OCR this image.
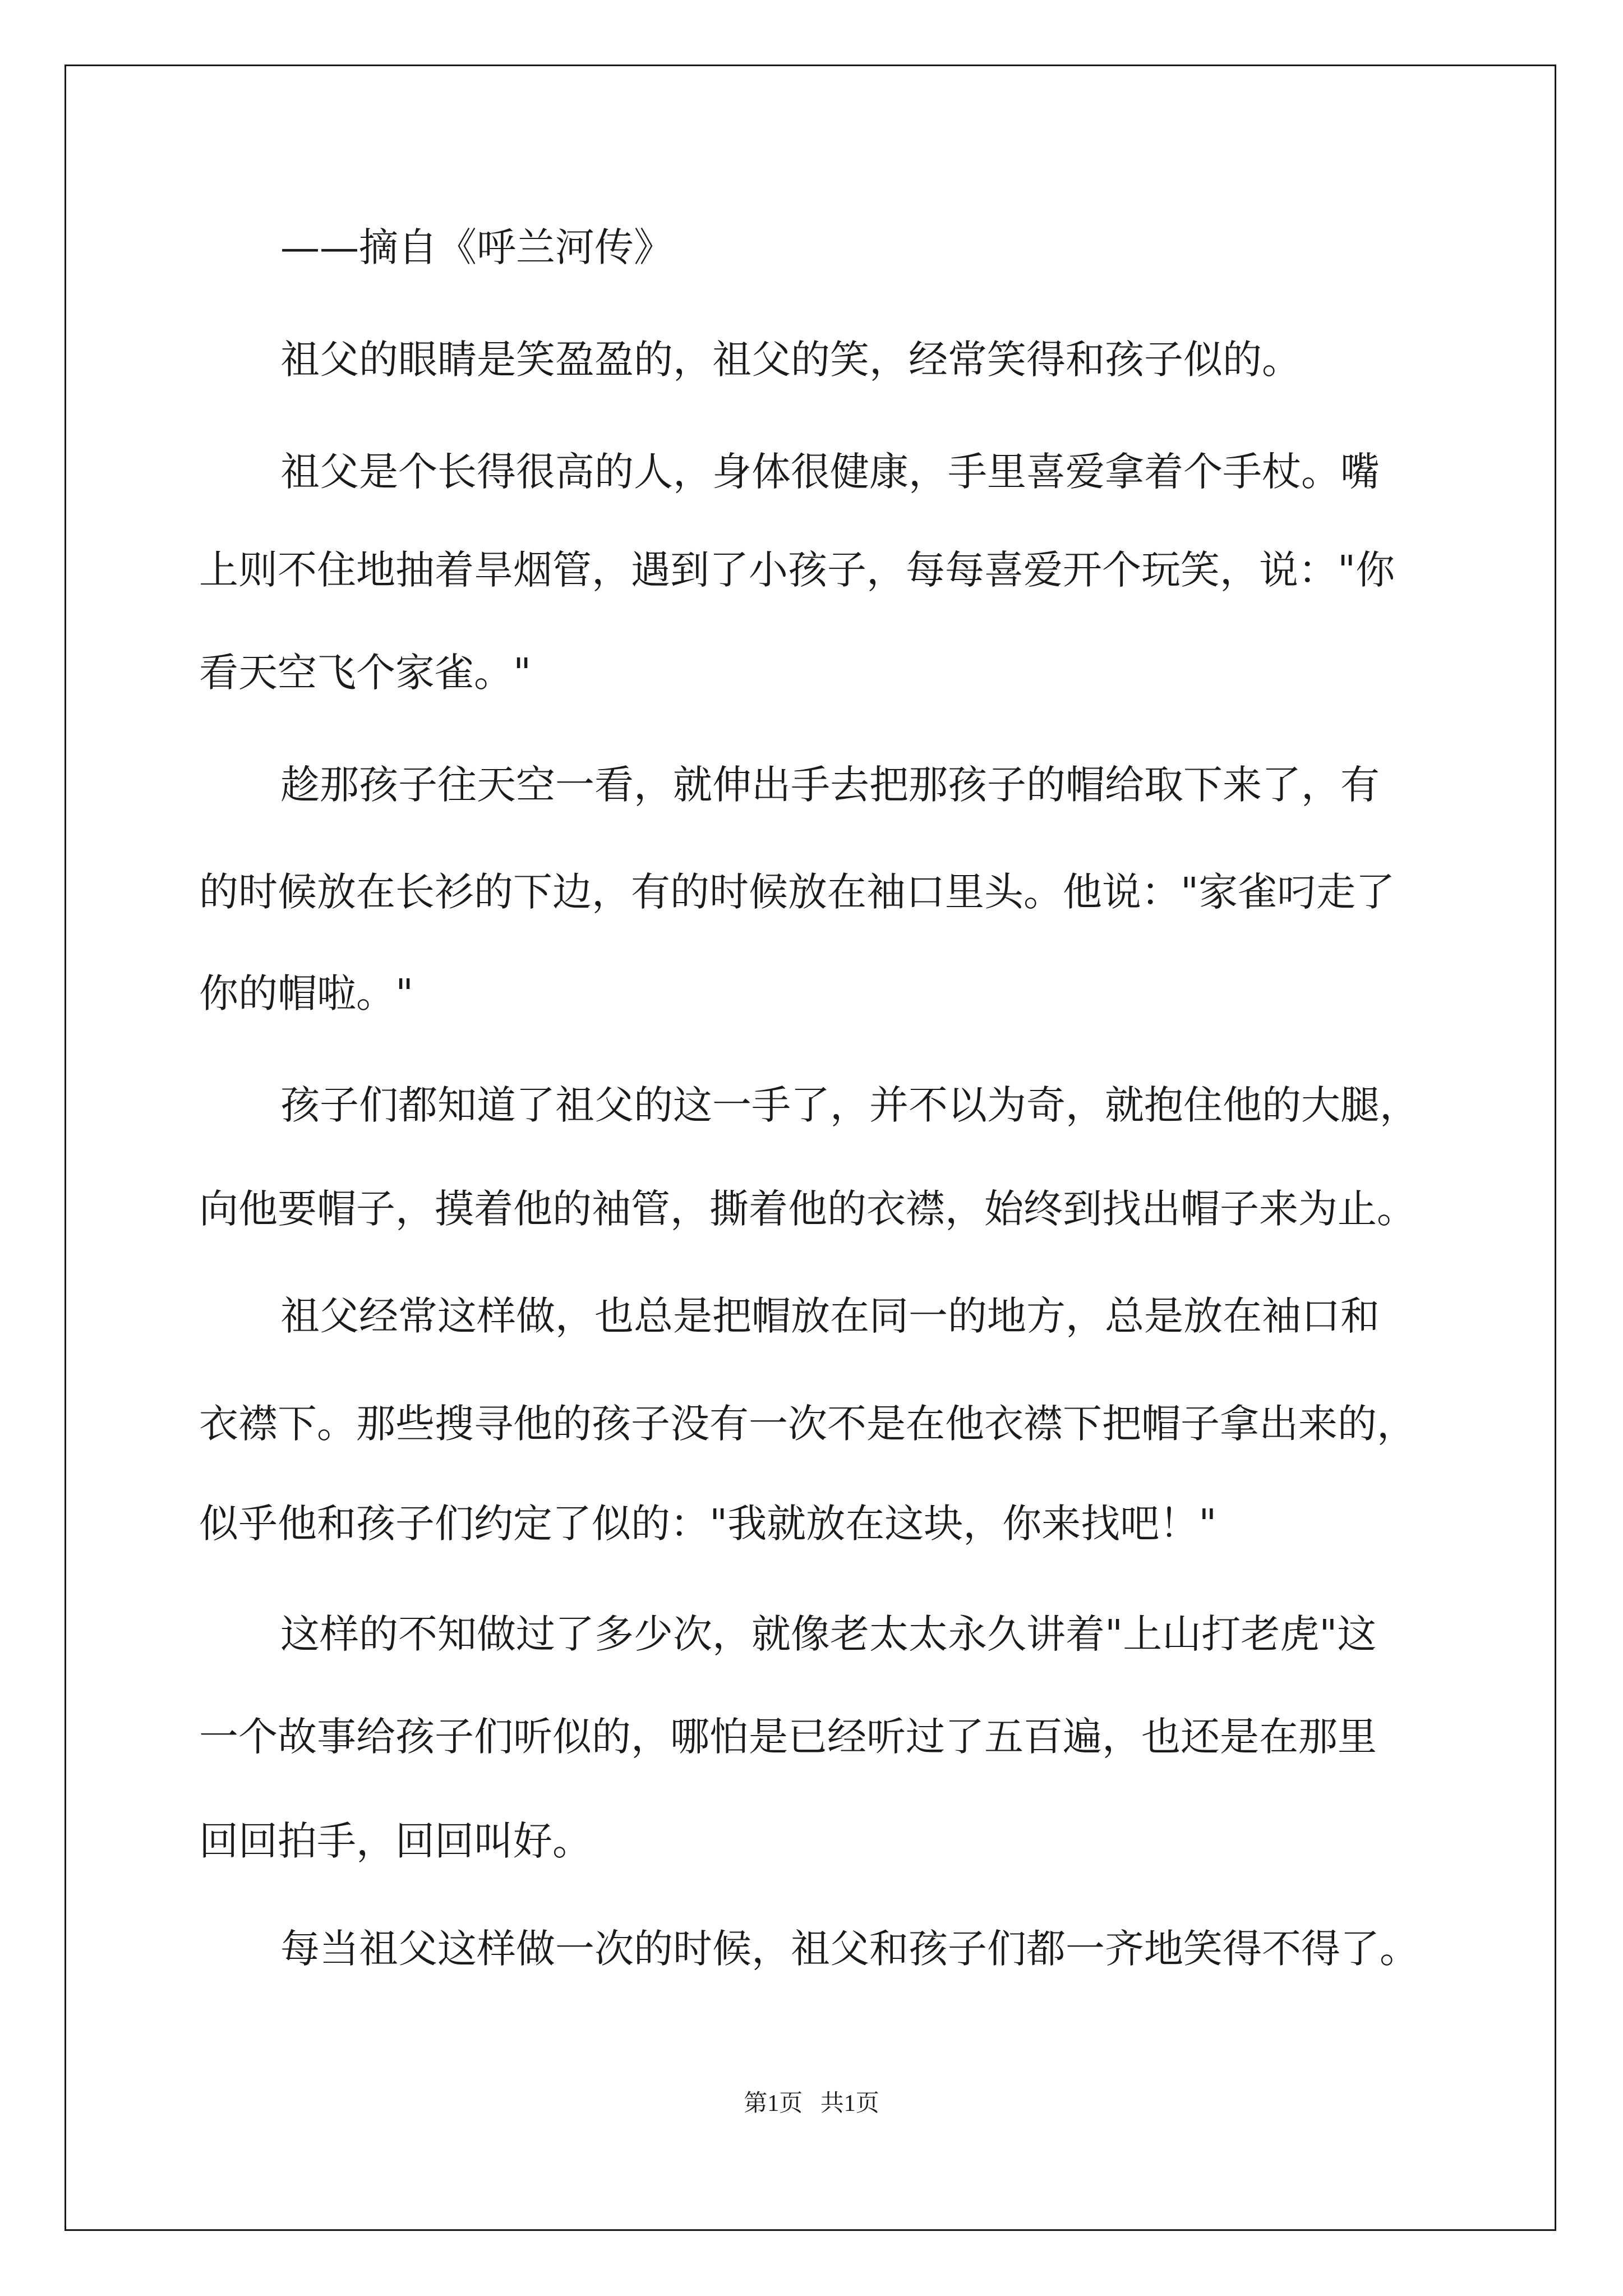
——摘自《呼兰河传》

祖父的眼睛是笑盈盈的，祖父的笑，经常笑得和孩子似的。

祖父是个长得很高的人，身体很健康，手里喜爱拿着个手杖。嘴

上则不住地抽着旱烟管，遇到了小孩子，每每喜爱开个玩笑，说："你

看天空飞个家雀。"

趁那孩子往天空一看，就伸出手去把那孩子的帽给取下来了，有

的时候放在长衫的下边，有的时候放在袖口里头。他说："家雀叼走了

你的帽啦。"

孩子们都知道了祖父的这一手了，并不以为奇，就抱住他的大腿，

向他要帽子，摸着他的袖管，撕着他的衣襟，始终到找出帽子来为止。

祖父经常这样做，也总是把帽放在同一的地方，总是放在袖口和

衣襟下。那些搜寻他的孩子没有一次不是在他衣襟下把帽子拿出来的，

似乎他和孩子们约定了似的："我就放在这块，你来找吧！"

这样的不知做过了多少次，就像老太太永久讲着"上山打老虎"这

一个故事给孩子们听似的，哪怕是已经听过了五百遍，也还是在那里

回回拍手，回回叫好。

每当祖父这样做一次的时候，祖父和孩子们都一齐地笑得不得了。

第1页   共1页
